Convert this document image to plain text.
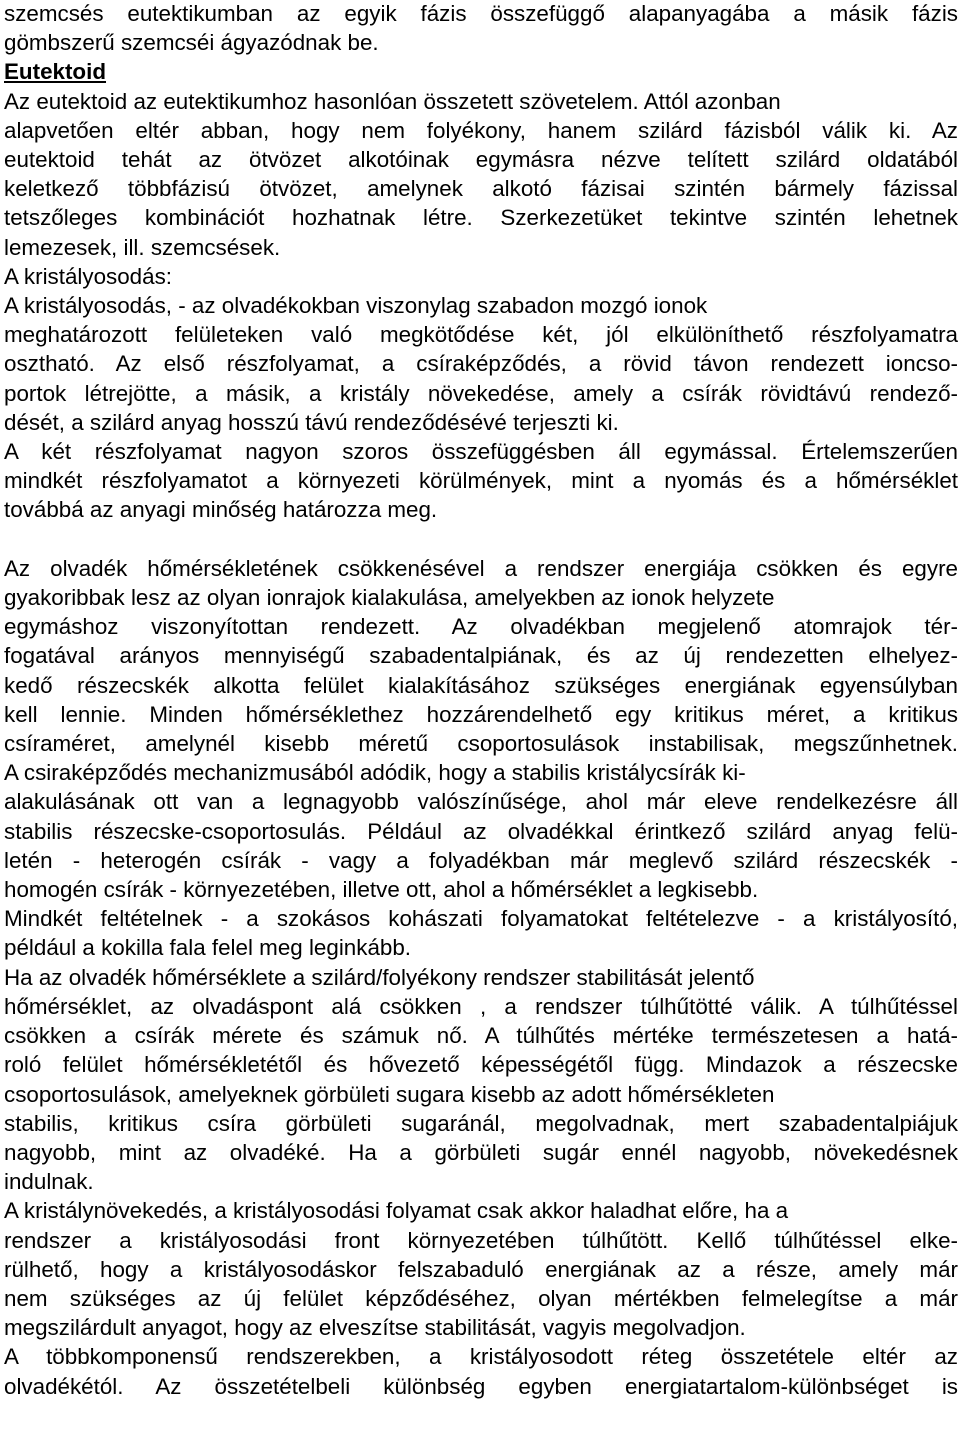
szemcsés eutektikumban az egyik fázis összefüggő alapanyagába a másik fázis
gömbszerű szemcséi ágyazódnak be.
Eutektoid
Az eutektoid az eutektikumhoz hasonlóan összetett szövetelem. Attól azonban
alapvetően eltér abban, hogy nem folyékony, hanem szilárd fázisból válik ki. Az
eutektoid tehát az ötvözet alkotóinak egymásra nézve telített szilárd oldatából
keletkező többfázisú ötvözet, amelynek alkotó fázisai szintén bármely fázissal
tetszőleges kombinációt hozhatnak létre. Szerkezetüket tekintve szintén lehetnek
lemezesek, ill. szemcsések.
A kristályosodás:
A kristályosodás, - az olvadékokban viszonylag szabadon mozgó ionok
meghatározott felületeken való megkötődése két, jól elkülöníthető részfolyamatra
osztható. Az első részfolyamat, a csíraképződés, a rövid távon rendezett ioncso-
portok létrejötte, a másik, a kristály növekedése, amely a csírák rövidtávú rendező-
dését, a szilárd anyag hosszú távú rendeződésévé terjeszti ki.
A két részfolyamat nagyon szoros összefüggésben áll egymással. Értelemszerűen
mindkét részfolyamatot a környezeti körülmények, mint a nyomás és a hőmérséklet
továbbá az anyagi minőség határozza meg.
Az olvadék hőmérsékletének csökkenésével a rendszer energiája csökken és egyre
gyakoribbak lesz az olyan ionrajok kialakulása, amelyekben az ionok helyzete
egymáshoz viszonyítottan rendezett. Az olvadékban megjelenő atomrajok tér-
fogatával arányos mennyiségű szabadentalpiának, és az új rendezetten elhelyez-
kedő részecskék alkotta felület kialakításához szükséges energiának egyensúlyban
kell lennie. Minden hőmérséklethez hozzárendelhető egy kritikus méret, a kritikus
csíraméret, amelynél kisebb méretű csoportosulások instabilisak, megszűnhetnek.
A csiraképződés mechanizmusából adódik, hogy a stabilis kristálycsírák ki-
alakulásának ott van a legnagyobb valószínűsége, ahol már eleve rendelkezésre áll
stabilis részecske-csoportosulás. Például az olvadékkal érintkező szilárd anyag felü-
letén - heterogén csírák - vagy a folyadékban már meglevő szilárd részecskék -
homogén csírák - környezetében, illetve ott, ahol a hőmérséklet a legkisebb.
Mindkét feltételnek - a szokásos kohászati folyamatokat feltételezve - a kristályosító,
például a kokilla fala felel meg leginkább.
Ha az olvadék hőmérséklete a szilárd/folyékony rendszer stabilitását jelentő
hőmérséklet, az olvadáspont alá csökken , a rendszer túlhűtötté válik. A túlhűtéssel
csökken a csírák mérete és számuk nő. A túlhűtés mértéke természetesen a hatá-
roló felület hőmérsékletétől és hővezető képességétől függ. Mindazok a részecske
csoportosulások, amelyeknek görbületi sugara kisebb az adott hőmérsékleten
stabilis, kritikus csíra görbületi sugaránál, megolvadnak, mert szabadentalpiájuk
nagyobb, mint az olvadéké. Ha a görbületi sugár ennél nagyobb, növekedésnek
indulnak.
A kristálynövekedés, a kristályosodási folyamat csak akkor haladhat előre, ha a
rendszer a kristályosodási front környezetében túlhűtött. Kellő túlhűtéssel elke-
rülhető, hogy a kristályosodáskor felszabaduló energiának az a része, amely már
nem szükséges az új felület képződéséhez, olyan mértékben felmelegítse a már
megszilárdult anyagot, hogy az elveszítse stabilitását, vagyis megolvadjon.
A többkomponensű rendszerekben, a kristályosodott réteg összetétele eltér az
olvadékétól. Az összetételbeli különbség egyben energiatartalom-különbséget is
